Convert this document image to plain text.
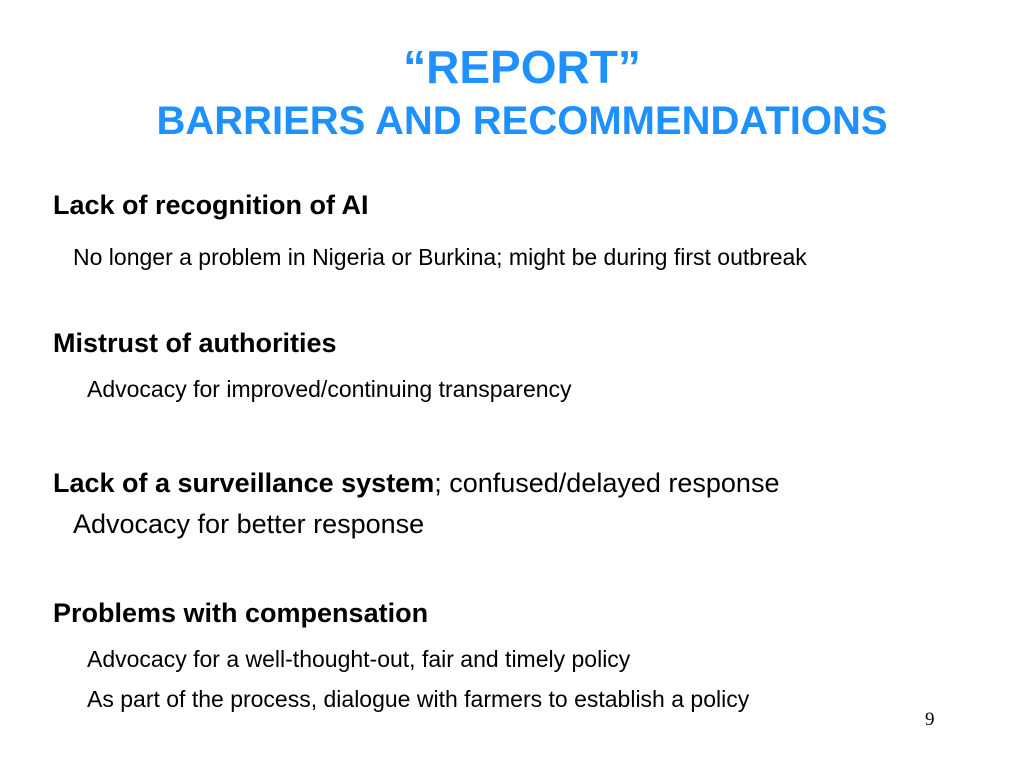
“REPORT”
BARRIERS AND RECOMMENDATIONS
Lack of recognition of AI
No longer a problem in Nigeria or Burkina; might be during first outbreak
Mistrust of authorities
Advocacy for improved/continuing transparency
Lack of a surveillance system; confused/delayed response
Advocacy for better response
Problems with compensation
Advocacy for a well-thought-out, fair and timely policy
As part of the process, dialogue with farmers to establish a policy
9
